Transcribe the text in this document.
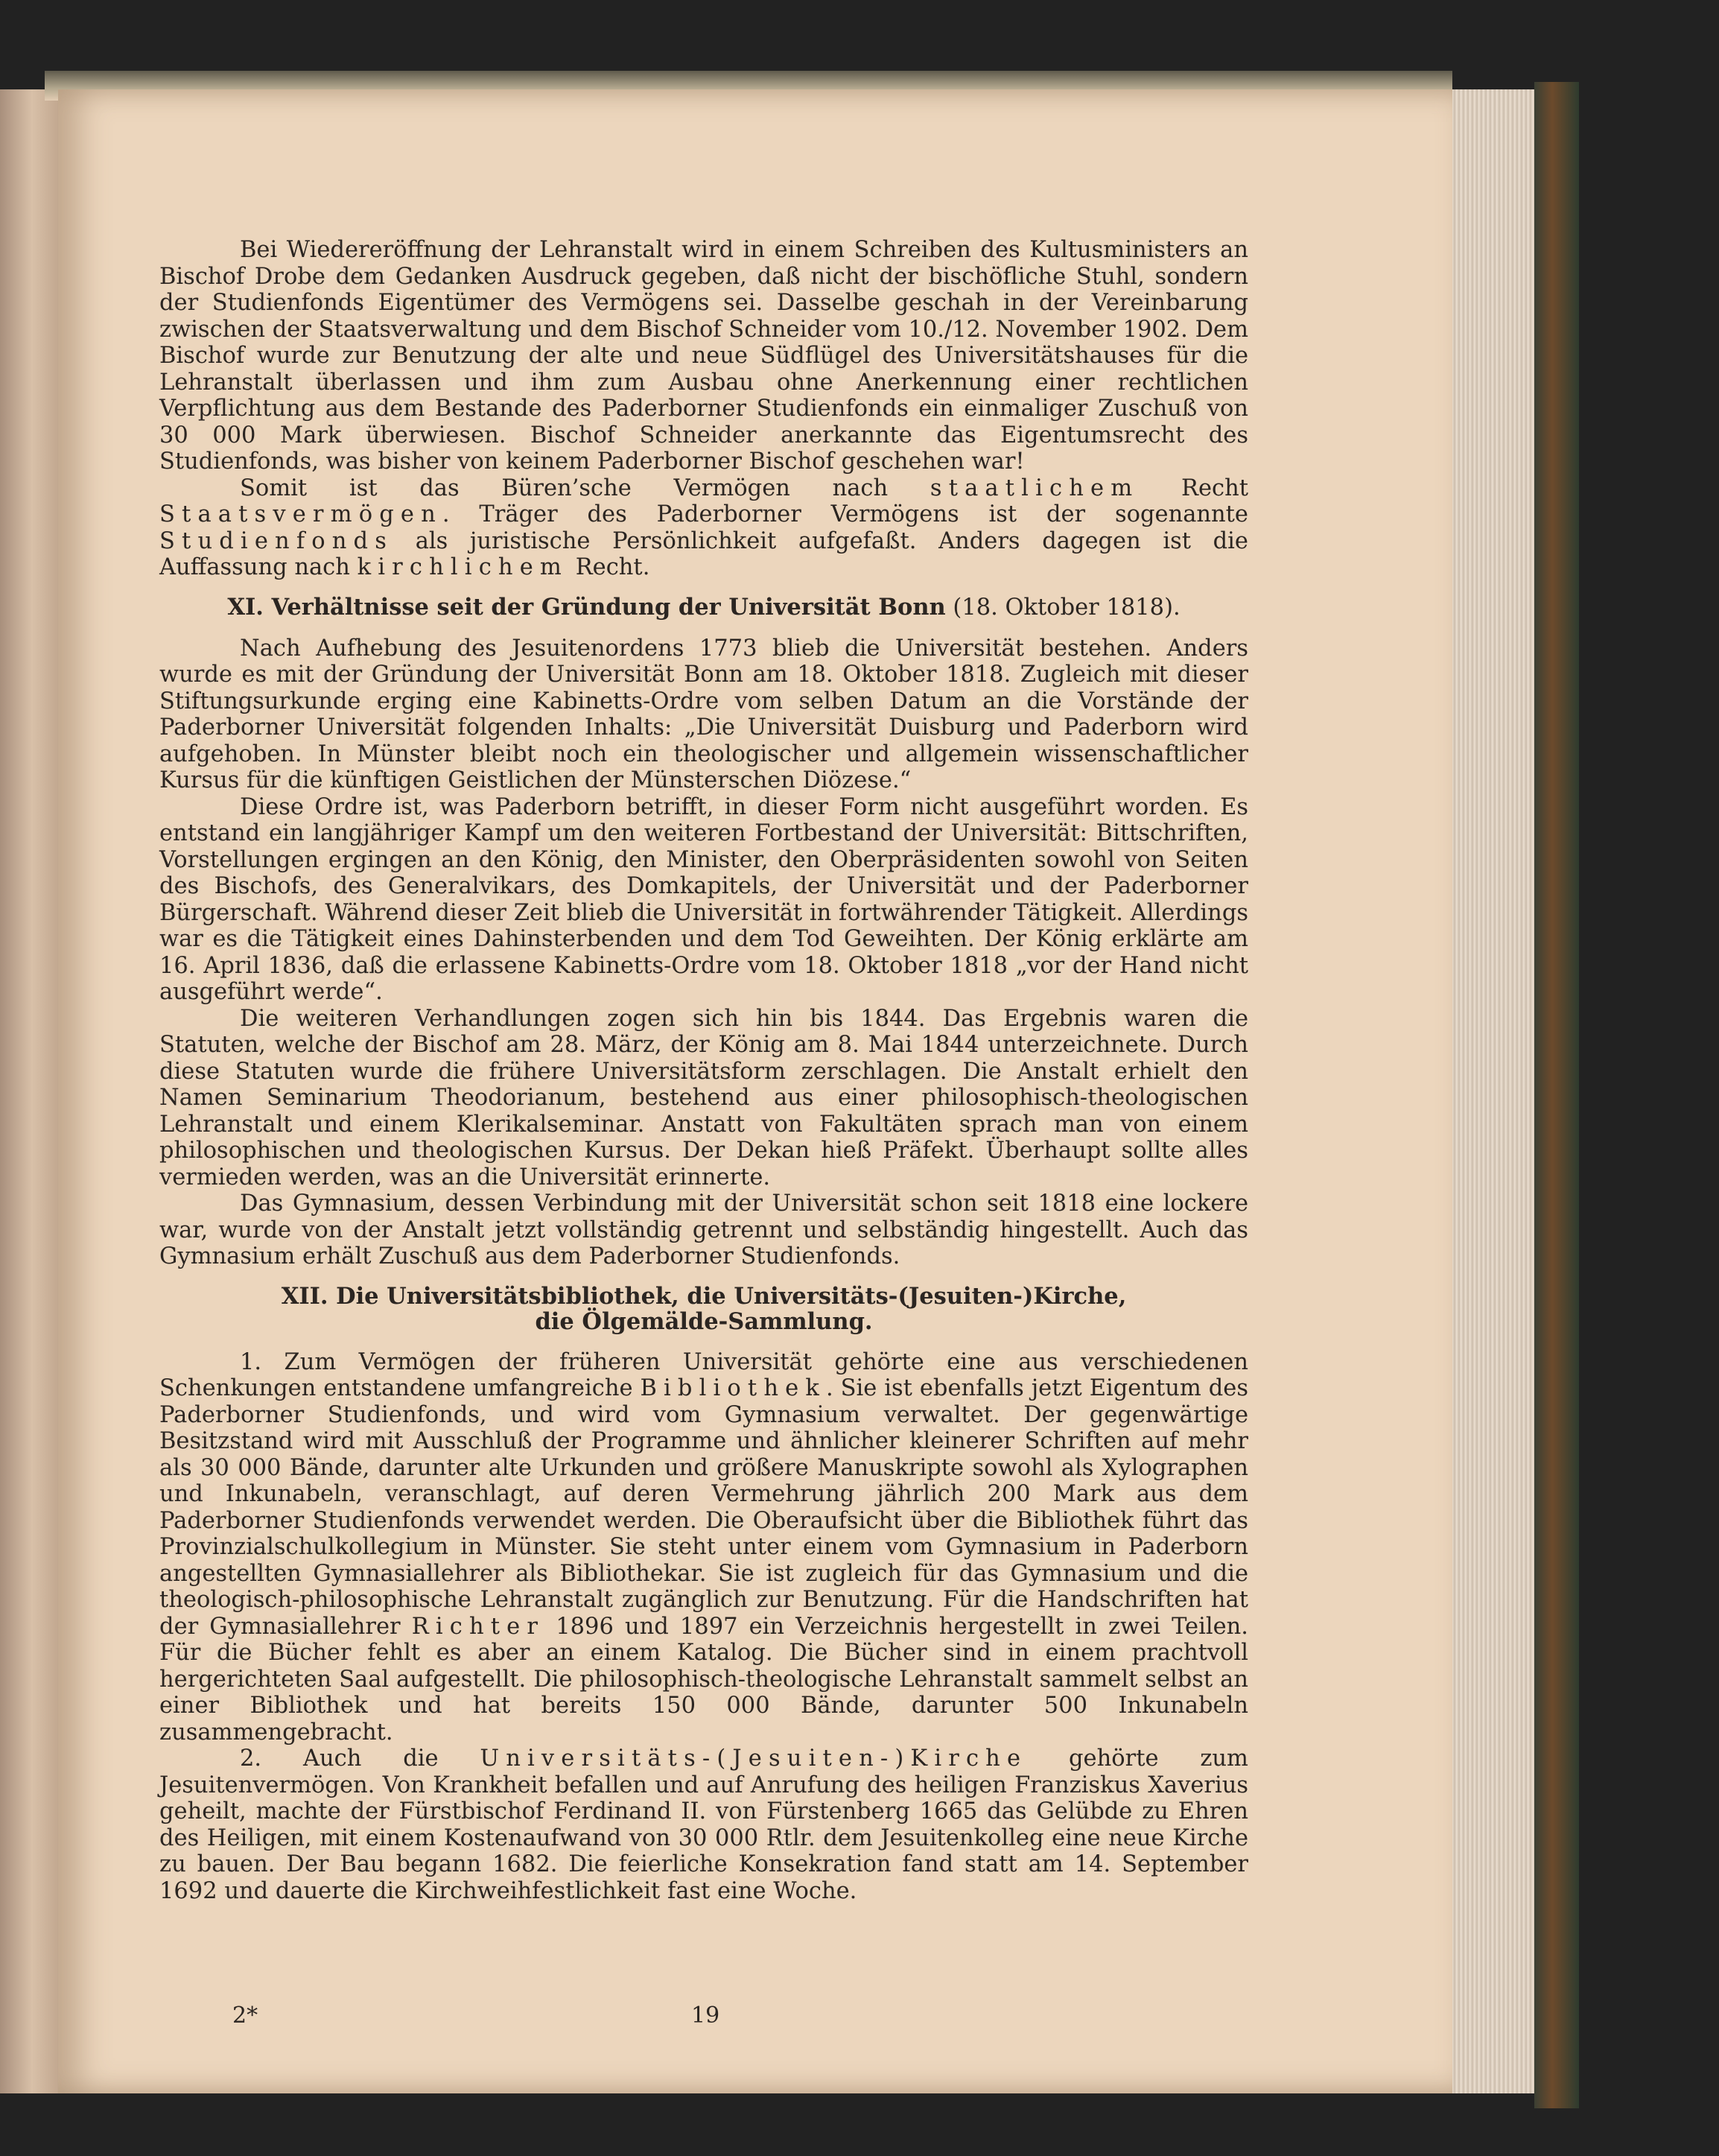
Bei Wiedereröffnung der Lehranstalt wird in einem Schreiben des Kultusministers an Bischof Drobe dem Gedanken Ausdruck gegeben, daß nicht der bischöfliche Stuhl, sondern der Studienfonds Eigentümer des Vermögens sei. Dasselbe geschah in der Vereinbarung zwischen der Staatsverwaltung und dem Bischof Schneider vom 10./12. November 1902. Dem Bischof wurde zur Benutzung der alte und neue Südflügel des Universitätshauses für die Lehranstalt überlassen und ihm zum Ausbau ohne Anerkennung einer rechtlichen Verpflichtung aus dem Bestande des Paderborner Studienfonds ein einmaliger Zuschuß von 30 000 Mark überwiesen. Bischof Schneider anerkannte das Eigentumsrecht des Studienfonds, was bisher von keinem Paderborner Bischof geschehen war!

Somit ist das Büren’sche Vermögen nach staatlichem Recht Staatsvermögen. Träger des Paderborner Vermögens ist der sogenannte Studienfonds als juristische Persönlichkeit aufgefaßt. Anders dagegen ist die Auffassung nach kirchlichem Recht.

XI. Verhältnisse seit der Gründung der Universität Bonn (18. Oktober 1818).

Nach Aufhebung des Jesuitenordens 1773 blieb die Universität bestehen. Anders wurde es mit der Gründung der Universität Bonn am 18. Oktober 1818. Zugleich mit dieser Stiftungsurkunde erging eine Kabinetts-Ordre vom selben Datum an die Vorstände der Paderborner Universität folgenden Inhalts: „Die Universität Duisburg und Paderborn wird aufgehoben. In Münster bleibt noch ein theologischer und allgemein wissenschaftlicher Kursus für die künftigen Geistlichen der Münsterschen Diözese.“

Diese Ordre ist, was Paderborn betrifft, in dieser Form nicht ausgeführt worden. Es entstand ein langjähriger Kampf um den weiteren Fortbestand der Universität: Bittschriften, Vorstellungen ergingen an den König, den Minister, den Oberpräsidenten sowohl von Seiten des Bischofs, des Generalvikars, des Domkapitels, der Universität und der Paderborner Bürgerschaft. Während dieser Zeit blieb die Universität in fortwährender Tätigkeit. Allerdings war es die Tätigkeit eines Dahinsterbenden und dem Tod Geweihten. Der König erklärte am 16. April 1836, daß die erlassene Kabinetts-Ordre vom 18. Oktober 1818 „vor der Hand nicht ausgeführt werde“.

Die weiteren Verhandlungen zogen sich hin bis 1844. Das Ergebnis waren die Statuten, welche der Bischof am 28. März, der König am 8. Mai 1844 unterzeichnete. Durch diese Statuten wurde die frühere Universitätsform zerschlagen. Die Anstalt erhielt den Namen Seminarium Theodorianum, bestehend aus einer philosophisch-theologischen Lehranstalt und einem Klerikalseminar. Anstatt von Fakultäten sprach man von einem philosophischen und theologischen Kursus. Der Dekan hieß Präfekt. Überhaupt sollte alles vermieden werden, was an die Universität erinnerte.

Das Gymnasium, dessen Verbindung mit der Universität schon seit 1818 eine lockere war, wurde von der Anstalt jetzt vollständig getrennt und selbständig hingestellt. Auch das Gymnasium erhält Zuschuß aus dem Paderborner Studienfonds.

XII. Die Universitätsbibliothek, die Universitäts-(Jesuiten-)Kirche,
die Ölgemälde-Sammlung.

1. Zum Vermögen der früheren Universität gehörte eine aus verschiedenen Schenkungen entstandene umfangreiche Bibliothek. Sie ist ebenfalls jetzt Eigentum des Paderborner Studienfonds, und wird vom Gymnasium verwaltet. Der gegenwärtige Besitzstand wird mit Ausschluß der Programme und ähnlicher kleinerer Schriften auf mehr als 30 000 Bände, darunter alte Urkunden und größere Manuskripte sowohl als Xylographen und Inkunabeln, veranschlagt, auf deren Vermehrung jährlich 200 Mark aus dem Paderborner Studienfonds verwendet werden. Die Oberaufsicht über die Bibliothek führt das Provinzialschulkollegium in Münster. Sie steht unter einem vom Gymnasium in Paderborn angestellten Gymnasiallehrer als Bibliothekar. Sie ist zugleich für das Gymnasium und die theologisch-philosophische Lehranstalt zugänglich zur Benutzung. Für die Handschriften hat der Gymnasiallehrer Richter 1896 und 1897 ein Verzeichnis hergestellt in zwei Teilen. Für die Bücher fehlt es aber an einem Katalog. Die Bücher sind in einem prachtvoll hergerichteten Saal aufgestellt. Die philosophisch-theologische Lehranstalt sammelt selbst an einer Bibliothek und hat bereits 150 000 Bände, darunter 500 Inkunabeln zusammengebracht.

2. Auch die Universitäts-(Jesuiten-)Kirche gehörte zum Jesuitenvermögen. Von Krankheit befallen und auf Anrufung des heiligen Franziskus Xaverius geheilt, machte der Fürstbischof Ferdinand II. von Fürstenberg 1665 das Gelübde zu Ehren des Heiligen, mit einem Kostenaufwand von 30 000 Rtlr. dem Jesuitenkolleg eine neue Kirche zu bauen. Der Bau begann 1682. Die feierliche Konsekration fand statt am 14. September 1692 und dauerte die Kirchweihfestlichkeit fast eine Woche.

2*	19
